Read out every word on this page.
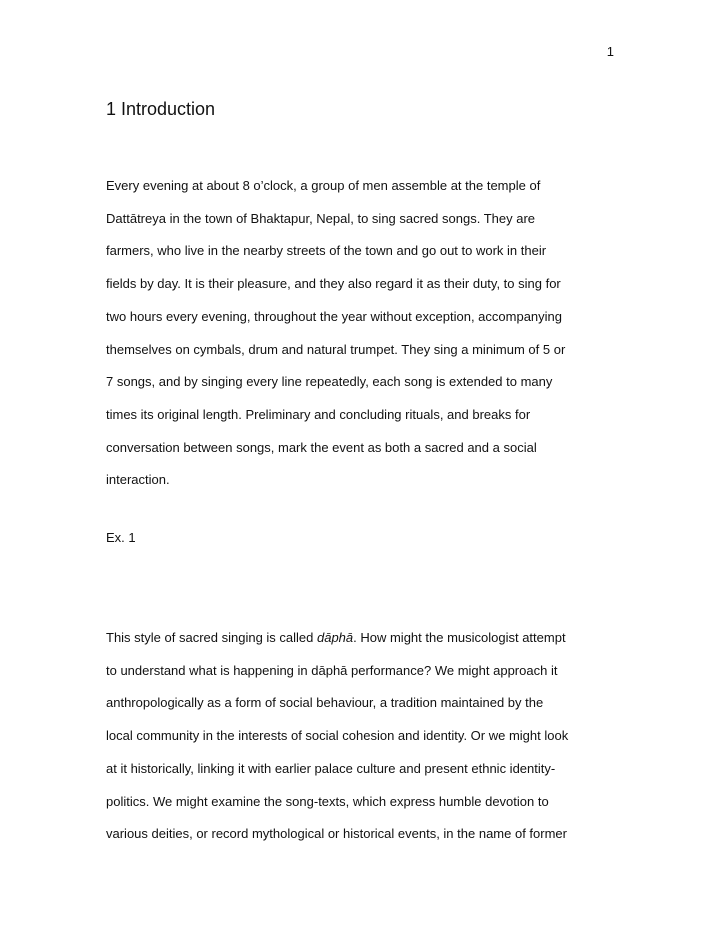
1
1 Introduction
Every evening at about 8 o’clock, a group of men assemble at the temple of
Dattātreya in the town of Bhaktapur, Nepal, to sing sacred songs. They are
farmers, who live in the nearby streets of the town and go out to work in their
fields by day. It is their pleasure, and they also regard it as their duty, to sing for
two hours every evening, throughout the year without exception, accompanying
themselves on cymbals, drum and natural trumpet. They sing a minimum of 5 or
7 songs, and by singing every line repeatedly, each song is extended to many
times its original length. Preliminary and concluding rituals, and breaks for
conversation between songs, mark the event as both a sacred and a social
interaction.
Ex. 1
This style of sacred singing is called dāphā. How might the musicologist attempt
to understand what is happening in dāphā performance? We might approach it
anthropologically as a form of social behaviour, a tradition maintained by the
local community in the interests of social cohesion and identity. Or we might look
at it historically, linking it with earlier palace culture and present ethnic identity-
politics. We might examine the song-texts, which express humble devotion to
various deities, or record mythological or historical events, in the name of former
